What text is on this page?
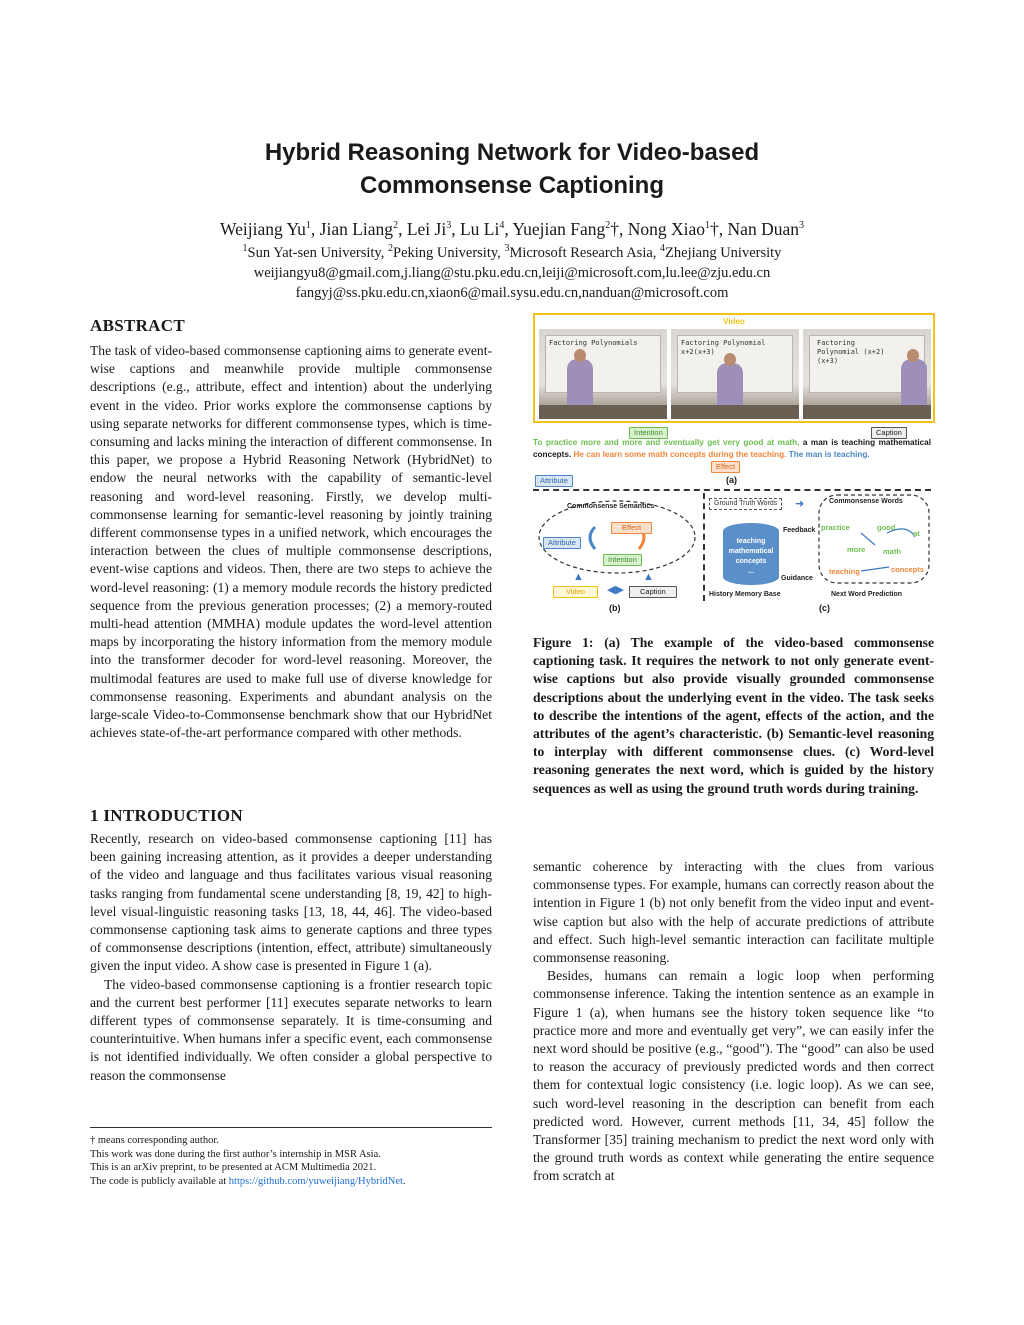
Hybrid Reasoning Network for Video-based
Commonsense Captioning
Weijiang Yu$^1$, Jian Liang$^2$, Lei Ji$^3$, Lu Li$^4$, Yuejian Fang$^2$†, Nong Xiao$^1$†, Nan Duan$^3$
$^1$Sun Yat-sen University, $^2$Peking University, $^3$Microsoft Research Asia, $^4$Zhejiang University
weijiangyu8@gmail.com,j.liang@stu.pku.edu.cn,leiji@microsoft.com,lu.lee@zju.edu.cn
fangyj@ss.pku.edu.cn,xiaon6@mail.sysu.edu.cn,nanduan@microsoft.com
ABSTRACT

The task of video-based commonsense captioning aims to generate event-wise captions and meanwhile provide multiple commonsense descriptions (e.g., attribute, effect and intention) about the underlying event in the video. Prior works explore the commonsense captions by using separate networks for different commonsense types, which is time-consuming and lacks mining the interaction of different commonsense. In this paper, we propose a Hybrid Reasoning Network (HybridNet) to endow the neural networks with the capability of semantic-level reasoning and word-level reasoning. Firstly, we develop multi-commonsense learning for semantic-level reasoning by jointly training different commonsense types in a unified network, which encourages the interaction between the clues of multiple commonsense descriptions, event-wise captions and videos. Then, there are two steps to achieve the word-level reasoning: (1) a memory module records the history predicted sequence from the previous generation processes; (2) a memory-routed multi-head attention (MMHA) module updates the word-level attention maps by incorporating the history information from the memory module into the transformer decoder for word-level reasoning. Moreover, the multimodal features are used to make full use of diverse knowledge for commonsense reasoning. Experiments and abundant analysis on the large-scale Video-to-Commonsense benchmark show that our HybridNet achieves state-of-the-art performance compared with other methods.

1 INTRODUCTION

Recently, research on video-based commonsense captioning [11] has been gaining increasing attention, as it provides a deeper understanding of the video and language and thus facilitates various visual reasoning tasks ranging from fundamental scene understanding [8, 19, 42] to high-level visual-linguistic reasoning tasks [13, 18, 44, 46]. The video-based commonsense captioning task aims to generate captions and three types of commonsense descriptions (intention, effect, attribute) simultaneously given the input video. A show case is presented in Figure 1 (a).

The video-based commonsense captioning is a frontier research topic and the current best performer [11] executes separate networks to learn different types of commonsense separately. It is time-consuming and counterintuitive. When humans infer a specific event, each commonsense is not identified individually. We often consider a global perspective to reason the commonsense

† means corresponding author.
This work was done during the first author’s internship in MSR Asia.
This is an arXiv preprint, to be presented at ACM Multimedia 2021.
The code is publicly available at https://github.com/yuweijiang/HybridNet.
Video
Factoring Polynomials	Factoring Polynomial x+2(x+3)
Factoring Polynomial (x+2)(x+3)
Intention	Caption
To practice more and more and eventually get very good at math, a man is teaching mathematical concepts. He can learn some math concepts during the teaching. The man is teaching.
Effect
Attribute	(a)
Commonsense Semantics
Effect
Attribute
Intention
▲	▲
Video	◀▶	Caption
(b)
Ground Truth Words	➜
Feedback
teaching mathematical concepts
...
Guidance
History Memory Base
Commonsense Words
practice	good
at
more math
teaching	concepts
Next Word Prediction
(c)
Figure 1: (a) The example of the video-based commonsense captioning task. It requires the network to not only generate event-wise captions but also provide visually grounded commonsense descriptions about the underlying event in the video. The task seeks to describe the intentions of the agent, effects of the action, and the attributes of the agent’s characteristic. (b) Semantic-level reasoning to interplay with different commonsense clues. (c) Word-level reasoning generates the next word, which is guided by the history sequences as well as using the ground truth words during training.

semantic coherence by interacting with the clues from various commonsense types. For example, humans can correctly reason about the intention in Figure 1 (b) not only benefit from the video input and event-wise caption but also with the help of accurate predictions of attribute and effect. Such high-level semantic interaction can facilitate multiple commonsense reasoning.

Besides, humans can remain a logic loop when performing commonsense inference. Taking the intention sentence as an example in Figure 1 (a), when humans see the history token sequence like “to practice more and more and eventually get very”, we can easily infer the next word should be positive (e.g., “good"). The “good” can also be used to reason the accuracy of previously predicted words and then correct them for contextual logic consistency (i.e. logic loop). As we can see, such word-level reasoning in the description can benefit from each predicted word. However, current methods [11, 34, 45] follow the Transformer [35] training mechanism to predict the next word only with the ground truth words as context while generating the entire sequence from scratch at
